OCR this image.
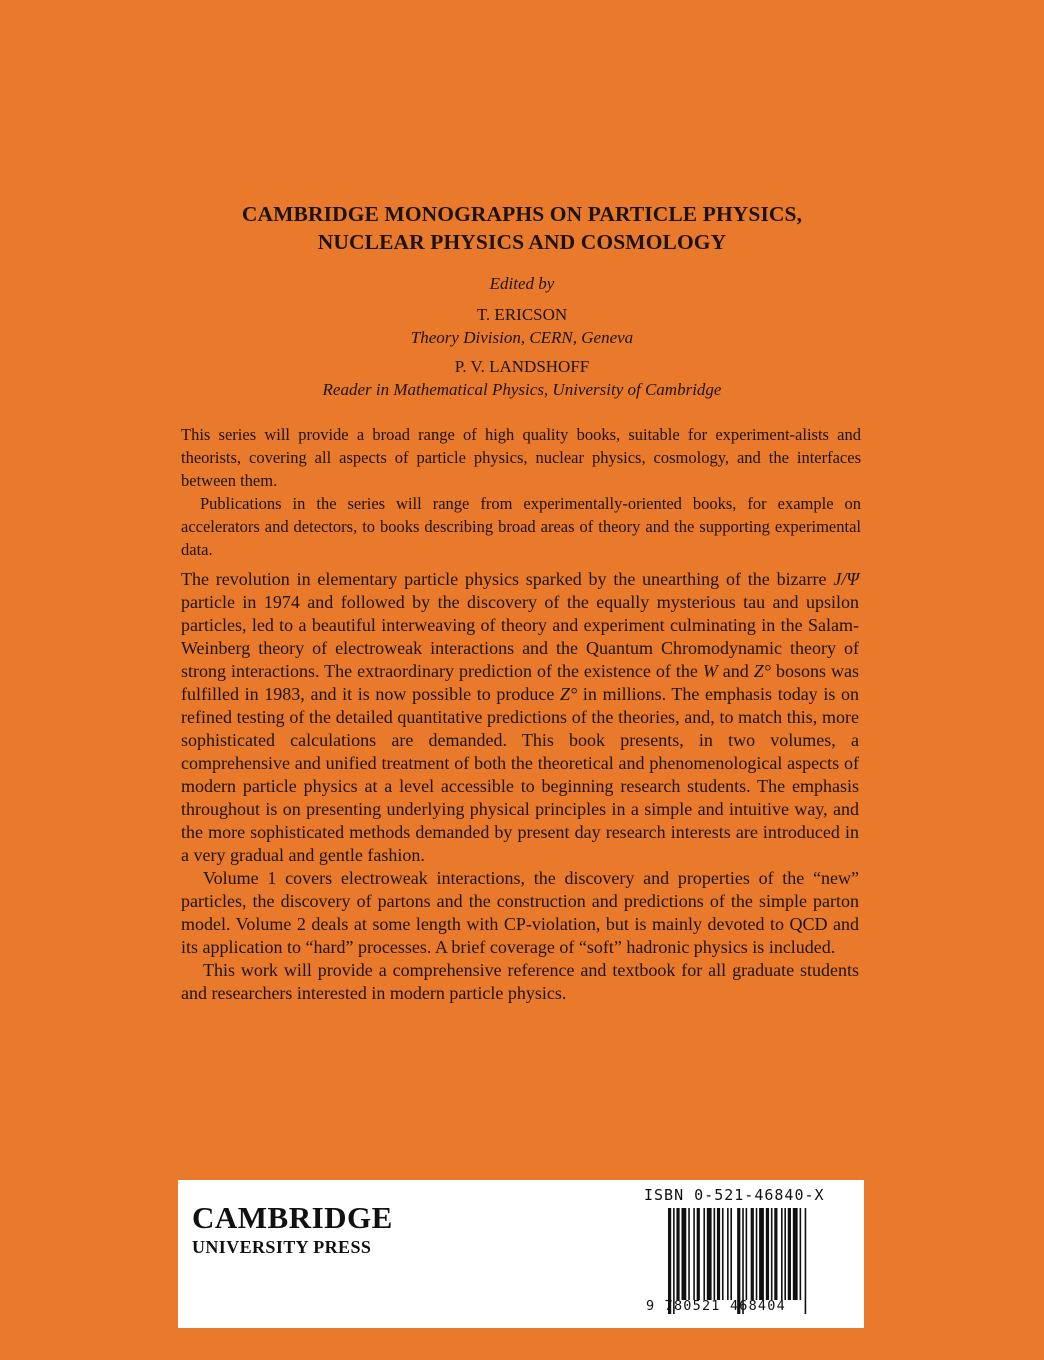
CAMBRIDGE MONOGRAPHS ON PARTICLE PHYSICS,
NUCLEAR PHYSICS AND COSMOLOGY
Edited by
T. ERICSON
Theory Division, CERN, Geneva
P. V. LANDSHOFF
Reader in Mathematical Physics, University of Cambridge

This series will provide a broad range of high quality books, suitable for experiment-alists and theorists, covering all aspects of particle physics, nuclear physics, cosmology, and the interfaces between them.

Publications in the series will range from experimentally-oriented books, for example on accelerators and detectors, to books describing broad areas of theory and the supporting experimental data.

The revolution in elementary particle physics sparked by the unearthing of the bizarre J/Ψ particle in 1974 and followed by the discovery of the equally mysterious tau and upsilon particles, led to a beautiful interweaving of theory and experiment culminating in the Salam-Weinberg theory of electroweak interactions and the Quantum Chromodynamic theory of strong interactions. The extraordinary prediction of the existence of the W and Z° bosons was fulfilled in 1983, and it is now possible to produce Z° in millions. The emphasis today is on refined testing of the detailed quantitative predictions of the theories, and, to match this, more sophisticated calculations are demanded. This book presents, in two volumes, a comprehensive and unified treatment of both the theoretical and phenomenological aspects of modern particle physics at a level accessible to beginning research students. The emphasis throughout is on presenting underlying physical principles in a simple and intuitive way, and the more sophisticated methods demanded by present day research interests are introduced in a very gradual and gentle fashion.

Volume 1 covers electroweak interactions, the discovery and properties of the “new” particles, the discovery of partons and the construction and predictions of the simple parton model. Volume 2 deals at some length with CP-violation, but is mainly devoted to QCD and its application to “hard” processes. A brief coverage of “soft” hadronic physics is included.

This work will provide a comprehensive reference and textbook for all graduate students and researchers interested in modern particle physics.

CAMBRIDGE
UNIVERSITY PRESS
ISBN 0-521-46840-X
9 780521 468404
